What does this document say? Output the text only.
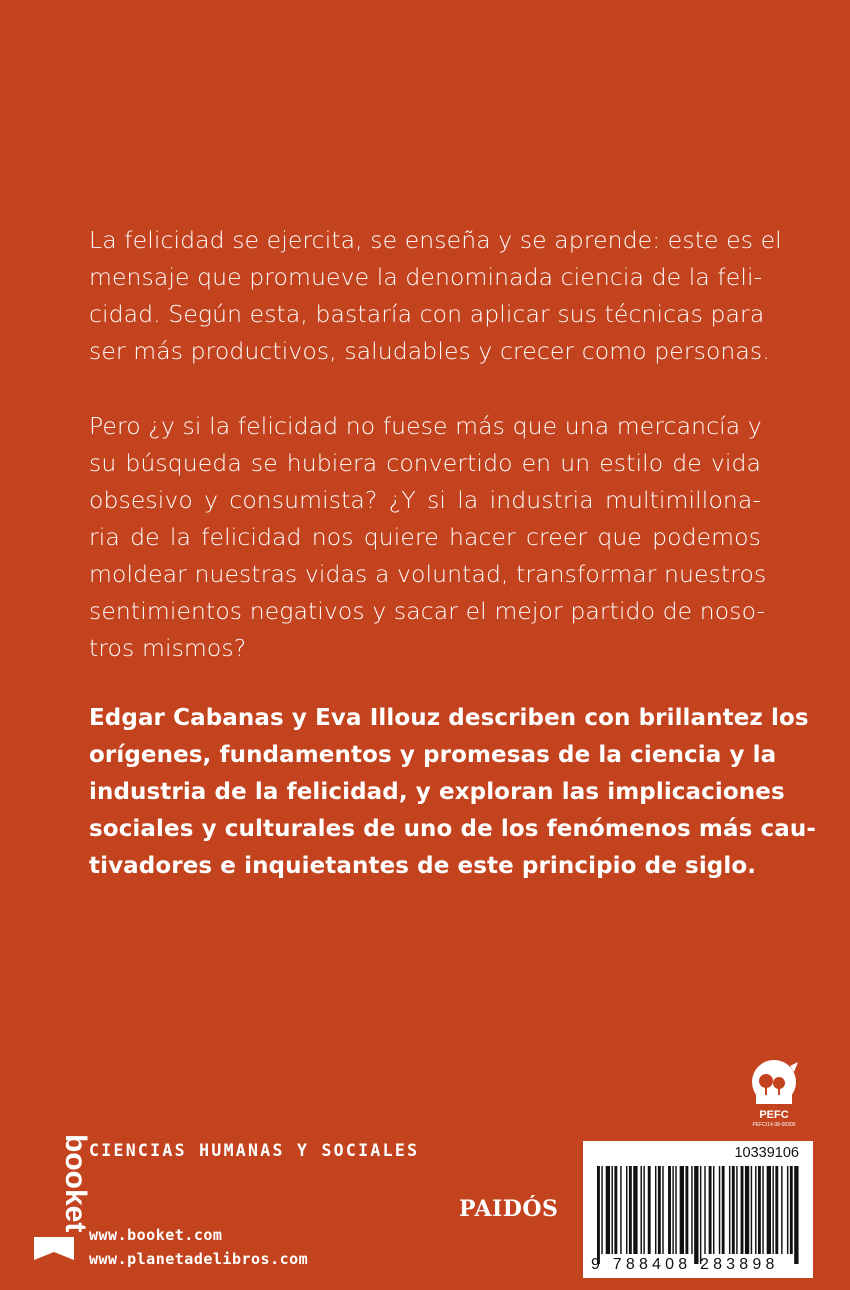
La felicidad se ejercita, se enseña y se aprende: este es el
mensaje que promueve la denominada ciencia de la feli-
cidad. Según esta, bastaría con aplicar sus técnicas para
ser más productivos, saludables y crecer como personas.
Pero ¿y si la felicidad no fuese más que una mercancía y
su búsqueda se hubiera convertido en un estilo de vida
obsesivo y consumista? ¿Y si la industria multimillona-
ria de la felicidad nos quiere hacer creer que podemos
moldear nuestras vidas a voluntad, transformar nuestros
sentimientos negativos y sacar el mejor partido de noso-
tros mismos?
Edgar Cabanas y Eva Illouz describen con brillantez los
orígenes, fundamentos y promesas de la ciencia y la
industria de la felicidad, y exploran las implicaciones
sociales y culturales de uno de los fenómenos más cau-
tivadores e inquietantes de este principio de siglo.
PEFC
PEFC/14-38-00305
booket
CIENCIAS HUMANAS Y SOCIALES
www.booket.com
www.planetadelibros.com
PAIDÓS
10339106
9 788408 283898
